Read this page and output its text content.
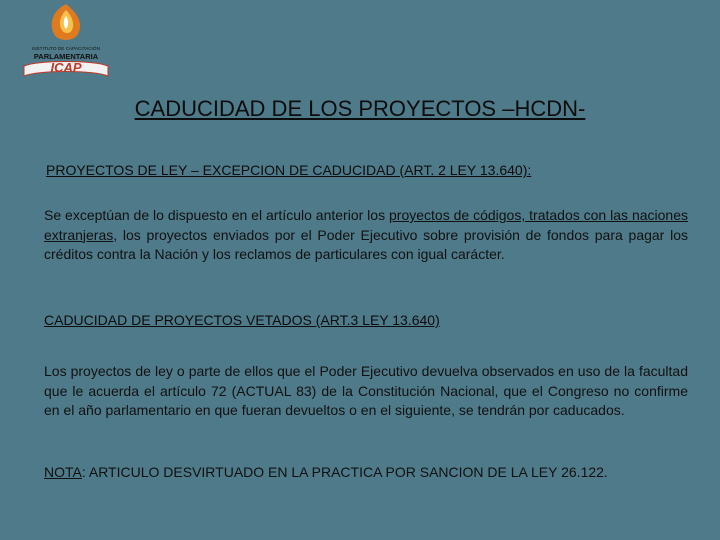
INSTITUTO DE CAPACITACIÓN
PARLAMENTARIA
ICAP
CADUCIDAD DE LOS PROYECTOS –HCDN-
PROYECTOS DE LEY – EXCEPCION DE CADUCIDAD (ART. 2 LEY 13.640):
Se exceptúan de lo dispuesto en el artículo anterior los proyectos de códigos, tratados con las naciones extranjeras, los proyectos enviados por el Poder Ejecutivo sobre provisión de fondos para pagar los créditos contra la Nación y los reclamos de particulares con igual carácter.
CADUCIDAD DE PROYECTOS VETADOS (ART.3 LEY 13.640)
Los proyectos de ley o parte de ellos que el Poder Ejecutivo devuelva observados en uso de la facultad que le acuerda el artículo 72 (ACTUAL 83) de la Constitución Nacional, que el Congreso no confirme en el año parlamentario en que fueran devueltos o en el siguiente, se tendrán por caducados.
NOTA: ARTICULO DESVIRTUADO EN LA PRACTICA POR SANCION DE LA LEY 26.122.
